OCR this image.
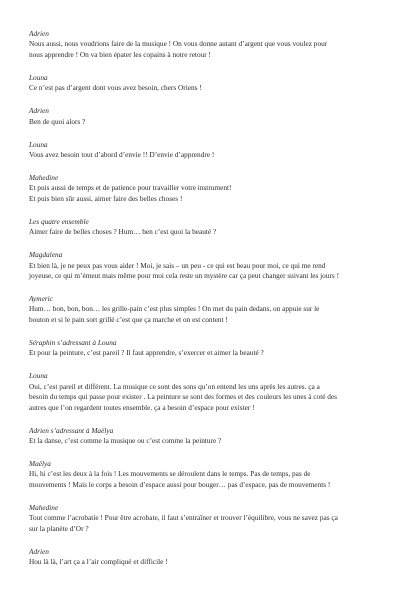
Adrien
Nous aussi, nous voudrions faire de la musique ! On vous donne autant d’argent que vous voulez pour
nous apprendre ! On va bien épater les copains à notre retour !
Louna
Ce n’est pas d’argent dont vous avez besoin, chers Oriens !
Adrien
Ben de quoi alors ?
Louna
Vous avez besoin tout d’abord d’envie !! D’envie d’apprendre !
Mahedine
Et puis aussi de temps et de patience pour travailler votre instrument!
Et puis bien sûr aussi, aimer faire des belles choses !
Les quatre ensemble
Aimer faire de belles choses ? Hum… ben c’est quoi la beauté ?
Magdalena
Et bien là, je ne peux pas vous aider ! Moi, je sais – un peu - ce qui est beau pour moi, ce qui me rend
joyeuse, ce qui m’émeut mais même pour moi cela reste un mystère car ça peut changer suivant les jours !
Aymeric
Hum… bon, bon, bon… les grille-pain c’est plus simples ! On met du pain dedans, on appuie sur le
bouton et si le pain sort grillé c’est que ça marche et on est content !
Séraphin s’adressant à Louna
Et pour la peinture, c’est pareil ? Il faut apprendre, s’exercer et aimer la beauté ?
Louna
Oui, c’est pareil et différent. La musique ce sont des sons qu’on entend les uns après les autres. ça a
besoin du temps qui passe pour exister . La peinture se sont des formes et des couleurs les unes à coté des
autres que l’on regardent toutes ensemble. ça a besoin d’espace pour exister !
Adrien s’adressant à Maëlya
Et la danse, c’est comme la musique ou c’est comme la peinture ?
Maëlya
Hi, hi c’est les deux à la fois ! Les mouvements se déroulent dans le temps. Pas de temps, pas de
mouvements ! Mais le corps a besoin d’espace aussi pour bouger… pas d’espace, pas de mouvements !
Mahedine
Tout comme l’acrobatie ! Pour être acrobate, il faut s’entraîner et trouver l’équilibre, vous ne savez pas ça
sur la planète d’Or ?
Adrien
Hou là là, l’art ça a l’air compliqué et difficile !
